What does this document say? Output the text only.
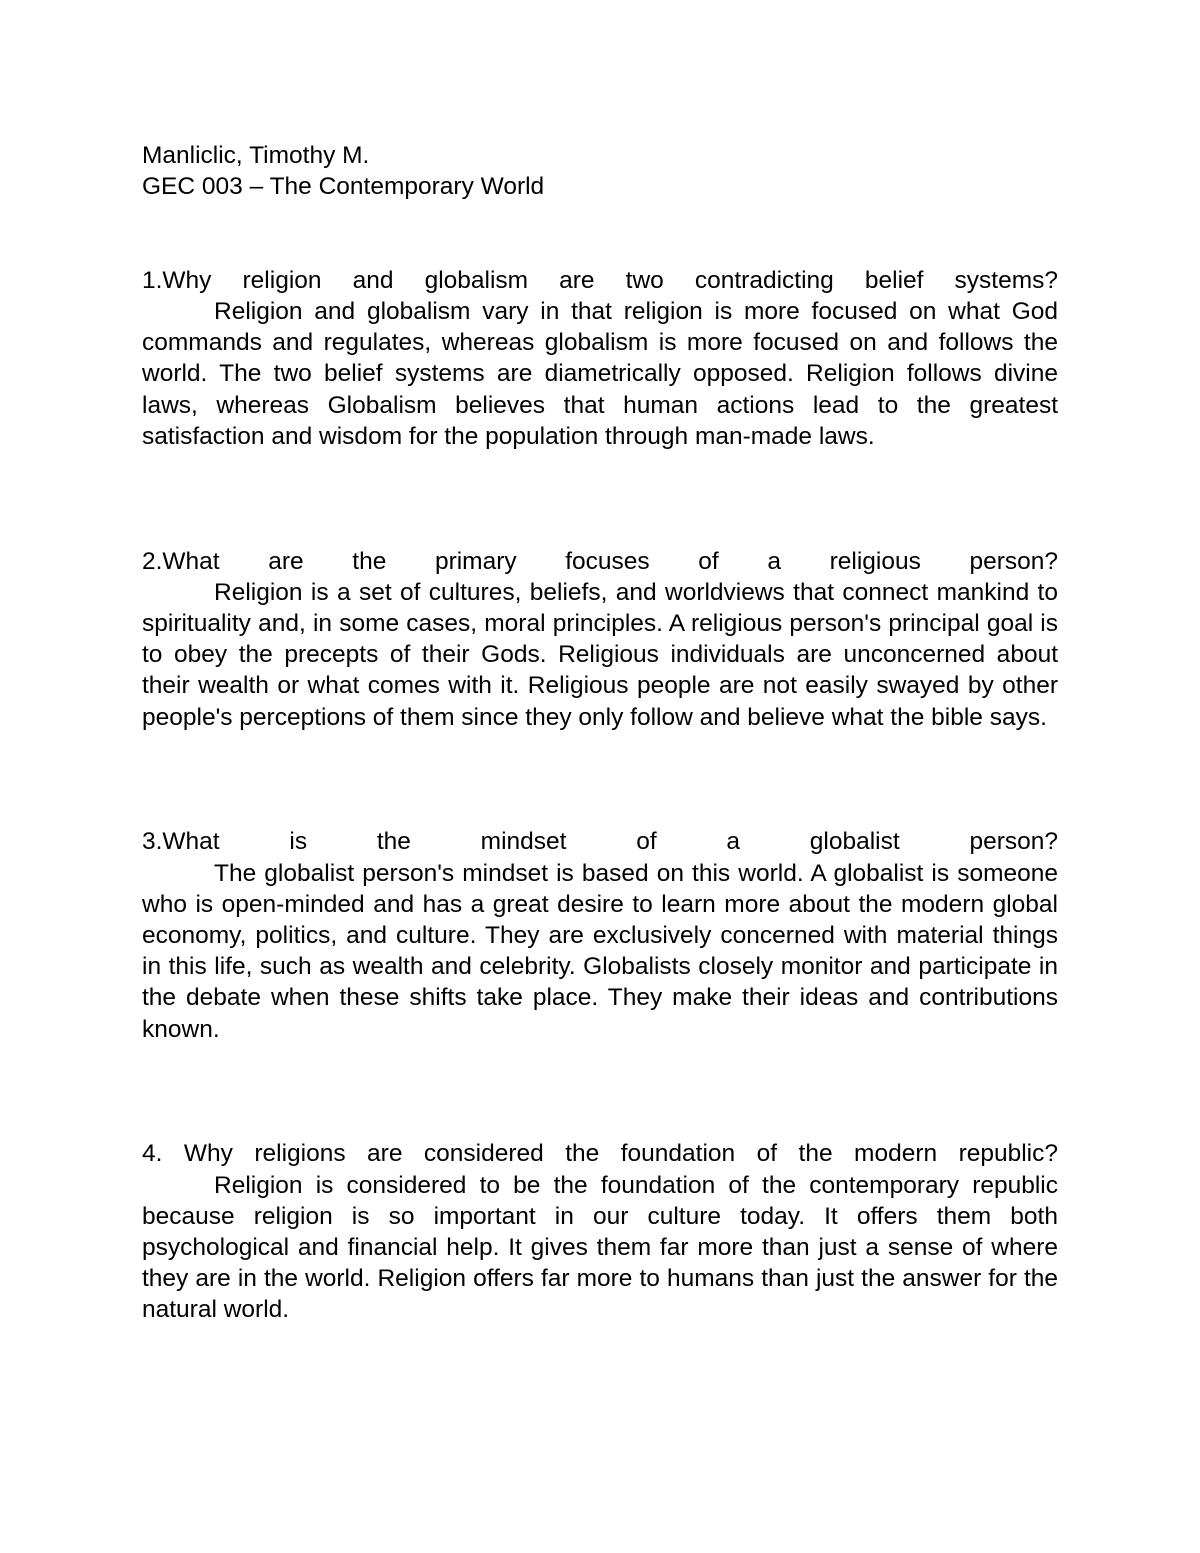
Manliclic, Timothy M.

GEC 003 – The Contemporary World

1.Why religion and globalism are two contradicting belief systems?

Religion and globalism vary in that religion is more focused on what God commands and regulates, whereas globalism is more focused on and follows the world. The two belief systems are diametrically opposed. Religion follows divine laws, whereas Globalism believes that human actions lead to the greatest satisfaction and wisdom for the population through man-made laws.

2.What are the primary focuses of a religious person?

Religion is a set of cultures, beliefs, and worldviews that connect mankind to spirituality and, in some cases, moral principles. A religious person's principal goal is to obey the precepts of their Gods. Religious individuals are unconcerned about their wealth or what comes with it. Religious people are not easily swayed by other people's perceptions of them since they only follow and believe what the bible says.

3.What is the mindset of a globalist person?

The globalist person's mindset is based on this world. A globalist is someone who is open-minded and has a great desire to learn more about the modern global economy, politics, and culture. They are exclusively concerned with material things in this life, such as wealth and celebrity. Globalists closely monitor and participate in the debate when these shifts take place. They make their ideas and contributions known.

4. Why religions are considered the foundation of the modern republic?

Religion is considered to be the foundation of the contemporary republic because religion is so important in our culture today. It offers them both psychological and financial help. It gives them far more than just a sense of where they are in the world. Religion offers far more to humans than just the answer for the natural world.
